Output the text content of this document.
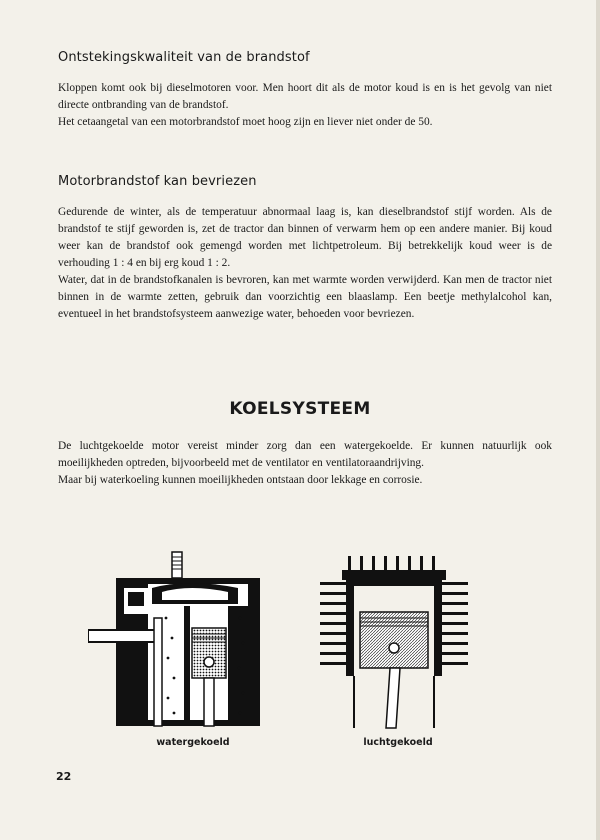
Ontstekingskwaliteit van de brandstof

Kloppen komt ook bij dieselmotoren voor. Men hoort dit als de motor koud is en is het gevolg van niet directe ontbranding van de brandstof.

Het cetaangetal van een motorbrandstof moet hoog zijn en liever niet onder de 50.

Motorbrandstof kan bevriezen

Gedurende de winter, als de temperatuur abnormaal laag is, kan dieselbrandstof stijf worden. Als de brandstof te stijf geworden is, zet de tractor dan binnen of verwarm hem op een andere manier. Bij koud weer kan de brandstof ook gemengd worden met lichtpetroleum. Bij betrekkelijk koud weer is de verhouding 1 : 4 en bij erg koud 1 : 2.

Water, dat in de brandstofkanalen is bevroren, kan met warmte worden verwijderd. Kan men de tractor niet binnen in de warmte zetten, gebruik dan voorzichtig een blaaslamp. Een beetje methylalcohol kan, eventueel in het brandstofsysteem aanwezige water, behoeden voor bevriezen.

KOELSYSTEEM

De luchtgekoelde motor vereist minder zorg dan een watergekoelde. Er kunnen natuurlijk ook moeilijkheden optreden, bijvoorbeeld met de ventilator en ventilatoraandrijving.

Maar bij waterkoeling kunnen moeilijkheden ontstaan door lekkage en corrosie.

watergekoeld	luchtgekoeld

22
